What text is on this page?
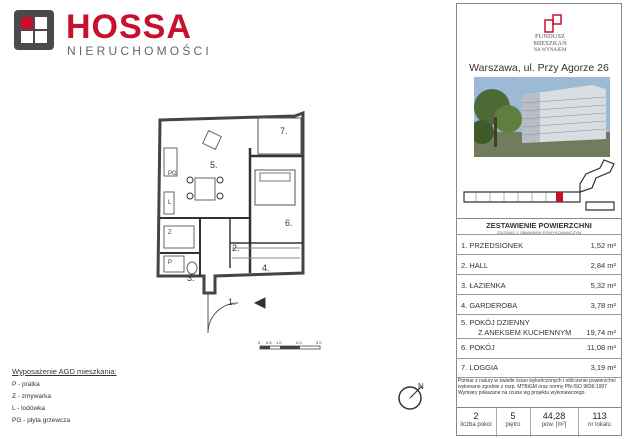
HOSSA
NIERUCHOMOŚCI
5.
7.
6.
2.
4.
3.
1.
L
Z
P
PG
0 0.5 1.0	2.0	3.0
N
Wyposażenie AGD mieszkania:
P - pralka
Z - zmywarka
L - lodówka
PG - płyta grzewcza
FUNDUSZ
MIESZKAŃ
NA WYNAJEM
Warszawa, ul. Przy Agorze 26
ZESTAWIENIE POWIERZCHNI
ZGODNIE Z OBMIAREM POWYKONAWCZYM
1. PRZEDSIONEK	1,52 m²
2. HALL	2,84 m²
3. ŁAZIENKA	5,32 m²
4. GARDEROBA	3,78 m²
5. POKÓJ DZIENNY
Z ANEKSEM KUCHENNYM 19,74 m²
6. POKÓJ	11,08 m²
7. LOGGIA	3,19 m²
Pomiar z natury w świetle ścian wykończonych i obliczenie powierzchni wykonano zgodnie z rozp. MTBiGM oraz normy PN-ISO 9836:1997 Wymiary pokazane na rzucie wg projektu wykonawczego.
2
liczba pokoi
5
piętro
44,28
pow. [m²]
113
nr lokalu
